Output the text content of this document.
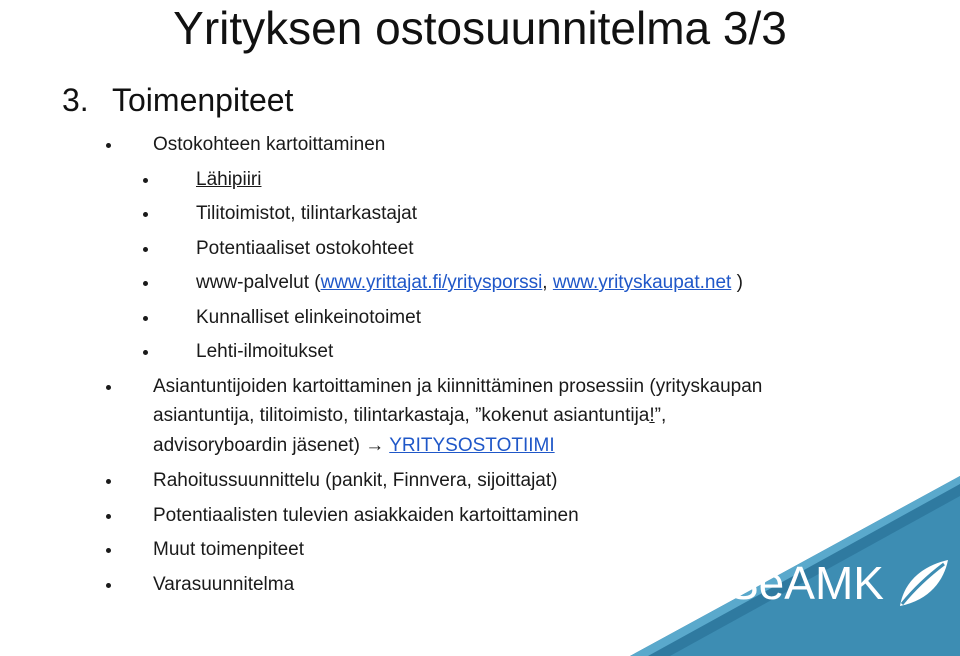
Yrityksen ostosuunnitelma 3/3
3. Toimenpiteet
Ostokohteen kartoittaminen
Lähipiiri
Tilitoimistot, tilintarkastajat
Potentiaaliset ostokohteet
www-palvelut (www.yrittajat.fi/yritysporssi, www.yrityskaupat.net )
Kunnalliset elinkeinotoimet
Lehti-ilmoitukset
Asiantuntijoiden kartoittaminen ja kiinnittäminen prosessiin (yrityskaupan
asiantuntija, tilitoimisto, tilintarkastaja, ”kokenut asiantuntija!”,
advisoryboardin jäsenet) → YRITYSOSTOTIIMI
Rahoitussuunnittelu (pankit, Finnvera, sijoittajat)
Potentiaalisten tulevien asiakkaiden kartoittaminen
Muut toimenpiteet
Varasuunnitelma	SeAMK
